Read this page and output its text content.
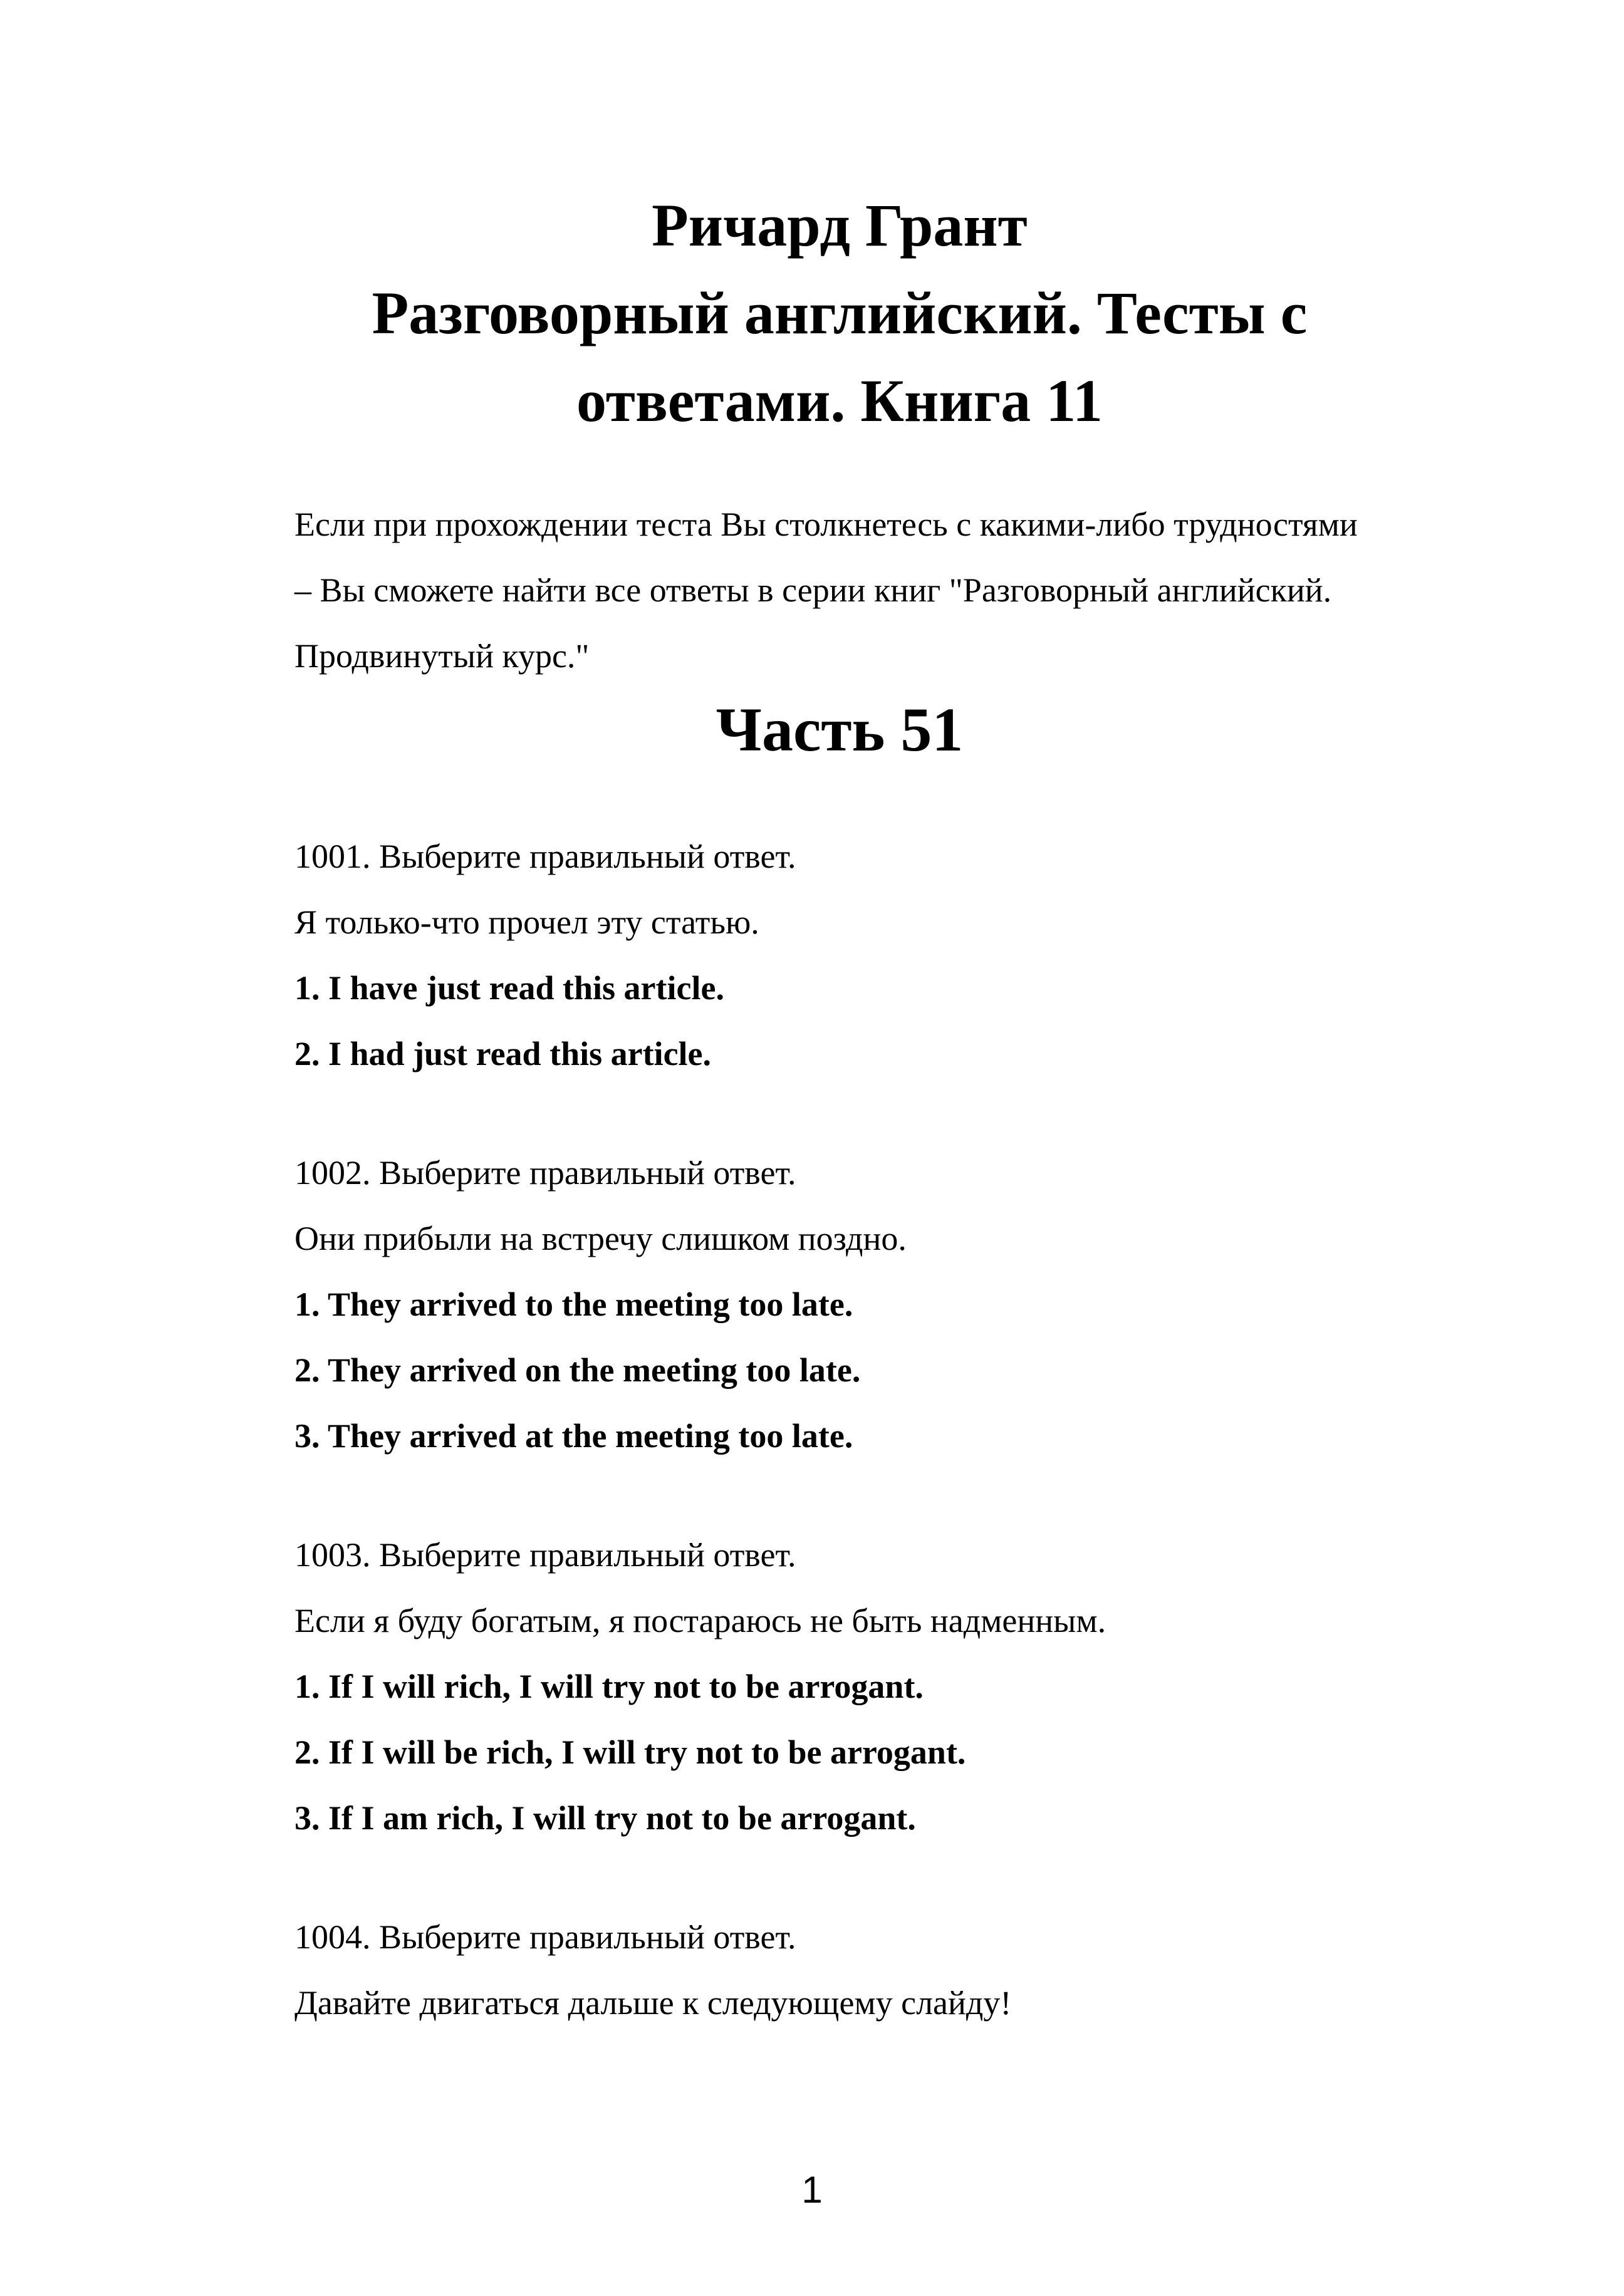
Ричард Грант
Разговорный английский. Тесты с
ответами. Книга 11
Если при прохождении теста Вы столкнетесь с какими-либо трудностями
– Вы сможете найти все ответы в серии книг "Разговорный английский.
Продвинутый курс."
Часть 51
1001. Выберите правильный ответ.
Я только-что прочел эту статью.
1. I have just read this article.
2. I had just read this article.
1002. Выберите правильный ответ.
Они прибыли на встречу слишком поздно.
1. They arrived to the meeting too late.
2. They arrived on the meeting too late.
3. They arrived at the meeting too late.
1003. Выберите правильный ответ.
Если я буду богатым, я постараюсь не быть надменным.
1. If I will rich, I will try not to be arrogant.
2. If I will be rich, I will try not to be arrogant.
3. If I am rich, I will try not to be arrogant.
1004. Выберите правильный ответ.
Давайте двигаться дальше к следующему слайду!
1
